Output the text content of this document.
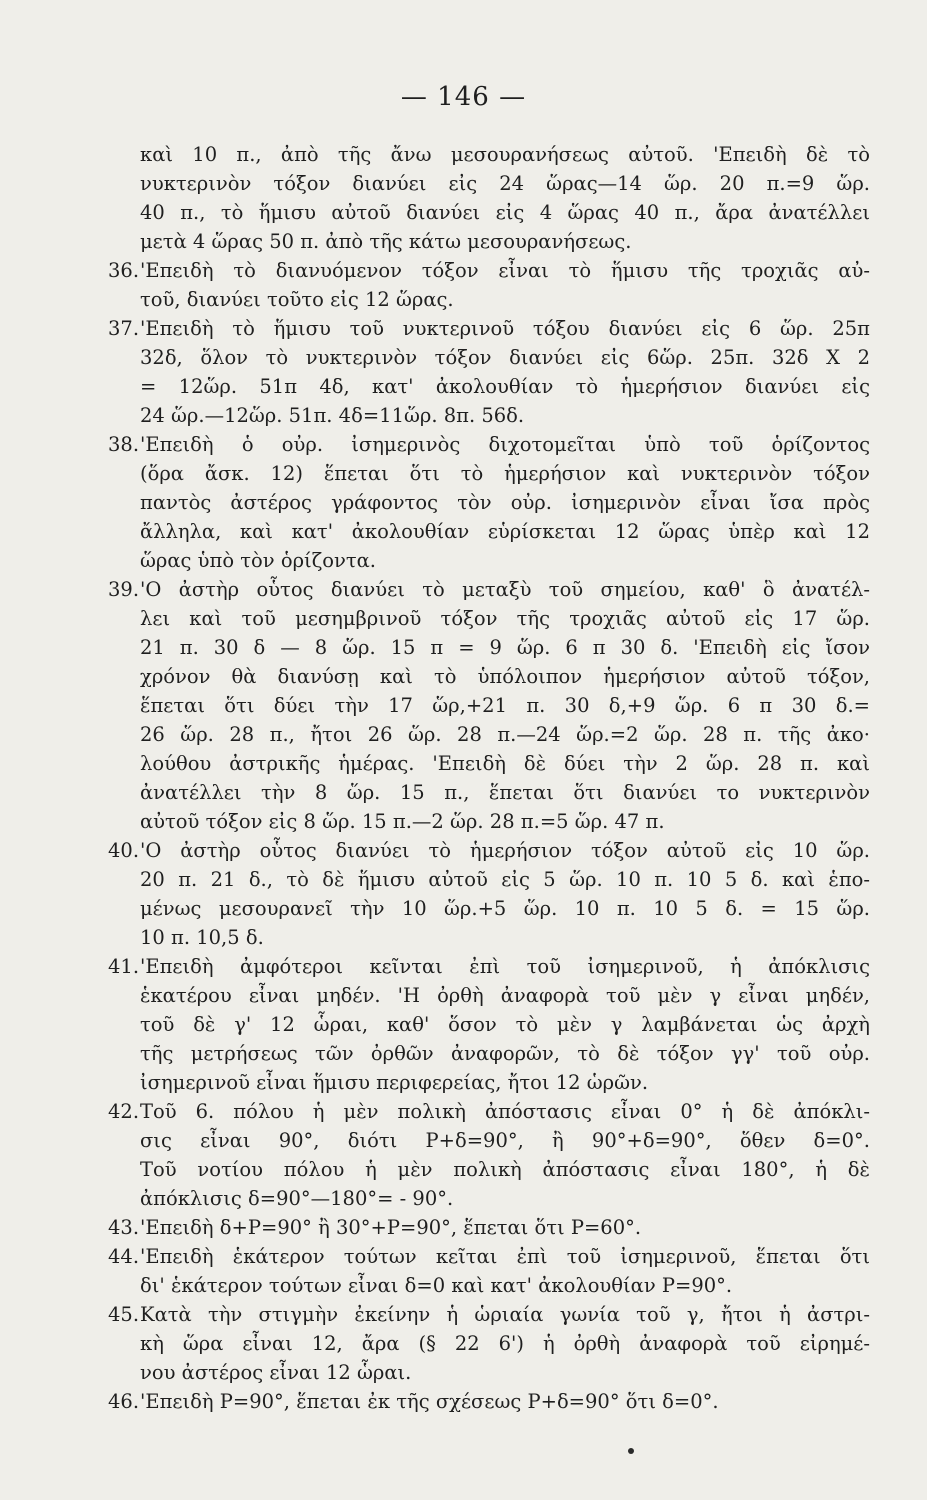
— 146 —
καὶ 10 π., ἀπὸ τῆς ἄνω μεσουρανήσεως αὐτοῦ. 'Επειδὴ δὲ τὸ
νυκτερινὸν τόξον διανύει εἰς 24 ὥρας—14 ὥρ. 20 π.=9 ὥρ.
40 π., τὸ ἥμισυ αὐτοῦ διανύει εἰς 4 ὥρας 40 π., ἄρα ἀνατέλλει
μετὰ 4 ὥρας 50 π. ἀπὸ τῆς κάτω μεσουρανήσεως.
36. 'Επειδὴ τὸ διανυόμενον τόξον εἶναι τὸ ἥμισυ τῆς τροχιᾶς αὐ-
τοῦ, διανύει τοῦτο εἰς 12 ὥρας.
37. 'Επειδὴ τὸ ἥμισυ τοῦ νυκτερινοῦ τόξου διανύει εἰς 6 ὥρ. 25π
32δ, ὅλον τὸ νυκτερινὸν τόξον διανύει εἰς 6ὥρ. 25π. 32δ X 2
= 12ὥρ. 51π 4δ, κατ' ἀκολουθίαν τὸ ἡμερήσιον διανύει εἰς
24 ὥρ.—12ὥρ. 51π. 4δ=11ὥρ. 8π. 56δ.
38. 'Επειδὴ ὁ οὐρ. ἰσημερινὸς διχοτομεῖται ὑπὸ τοῦ ὁρίζοντος
(ὅρα ἄσκ. 12) ἕπεται ὅτι τὸ ἡμερήσιον καὶ νυκτερινὸν τόξον
παντὸς ἀστέρος γράφοντος τὸν οὐρ. ἰσημερινὸν εἶναι ἴσα πρὸς
ἄλληλα, καὶ κατ' ἀκολουθίαν εὑρίσκεται 12 ὥρας ὑπὲρ καὶ 12
ὥρας ὑπὸ τὸν ὁρίζοντα.
39. 'Ο ἀστὴρ οὗτος διανύει τὸ μεταξὺ τοῦ σημείου, καθ' ὃ ἀνατέλ-
λει καὶ τοῦ μεσημβρινοῦ τόξον τῆς τροχιᾶς αὐτοῦ εἰς 17 ὥρ.
21 π. 30 δ — 8 ὥρ. 15 π = 9 ὥρ. 6 π 30 δ. 'Επειδὴ εἰς ἴσον
χρόνον θὰ διανύσῃ καὶ τὸ ὑπόλοιπον ἡμερήσιον αὐτοῦ τόξον,
ἕπεται ὅτι δύει τὴν 17 ὥρ,+21 π. 30 δ,+9 ὥρ. 6 π 30 δ.=
26 ὥρ. 28 π., ἤτοι 26 ὥρ. 28 π.—24 ὥρ.=2 ὥρ. 28 π. τῆς ἀκο·
λούθου ἀστρικῆς ἡμέρας. 'Επειδὴ δὲ δύει τὴν 2 ὥρ. 28 π. καὶ
ἀνατέλλει τὴν 8 ὥρ. 15 π., ἕπεται ὅτι διανύει το νυκτερινὸν
αὐτοῦ τόξον εἰς 8 ὥρ. 15 π.—2 ὥρ. 28 π.=5 ὥρ. 47 π.
40. 'Ο ἀστὴρ οὗτος διανύει τὸ ἡμερήσιον τόξον αὐτοῦ εἰς 10 ὥρ.
20 π. 21 δ., τὸ δὲ ἥμισυ αὐτοῦ εἰς 5 ὥρ. 10 π. 10 5 δ. καὶ ἑπο-
μένως μεσουρανεῖ τὴν 10 ὥρ.+5 ὥρ. 10 π. 10 5 δ. = 15 ὥρ.
10 π. 10,5 δ.
41. 'Επειδὴ ἀμφότεροι κεῖνται ἐπὶ τοῦ ἰσημερινοῦ, ἡ ἀπόκλισις
ἑκατέρου εἶναι μηδέν. 'Η ὀρθὴ ἀναφορὰ τοῦ μὲν γ εἶναι μηδέν,
τοῦ δὲ γ' 12 ὧραι, καθ' ὅσον τὸ μὲν γ λαμβάνεται ὡς ἀρχὴ
τῆς μετρήσεως τῶν ὀρθῶν ἀναφορῶν, τὸ δὲ τόξον γγ' τοῦ οὐρ.
ἰσημερινοῦ εἶναι ἥμισυ περιφερείας, ἤτοι 12 ὡρῶν.
42. Τοῦ 6. πόλου ἡ μὲν πολικὴ ἀπόστασις εἶναι 0° ἡ δὲ ἀπόκλι-
σις εἶναι 90°, διότι P+δ=90°, ἢ 90°+δ=90°, ὅθεν δ=0°.
Τοῦ νοτίου πόλου ἡ μὲν πολικὴ ἀπόστασις εἶναι 180°, ἡ δὲ
ἀπόκλισις δ=90°—180°= - 90°.
43. 'Επειδὴ δ+P=90° ἢ 30°+P=90°, ἕπεται ὅτι P=60°.
44. 'Επειδὴ ἑκάτερον τούτων κεῖται ἐπὶ τοῦ ἰσημερινοῦ, ἕπεται ὅτι
δι' ἑκάτερον τούτων εἶναι δ=0 καὶ κατ' ἀκολουθίαν P=90°.
45. Κατὰ τὴν στιγμὴν ἐκείνην ἡ ὡριαία γωνία τοῦ γ, ἤτοι ἡ ἀστρι-
κὴ ὥρα εἶναι 12, ἄρα (§ 22 6') ἡ ὀρθὴ ἀναφορὰ τοῦ εἰρημέ-
νου ἀστέρος εἶναι 12 ὧραι.
46. 'Επειδὴ P=90°, ἕπεται ἐκ τῆς σχέσεως P+δ=90° ὅτι δ=0°.
